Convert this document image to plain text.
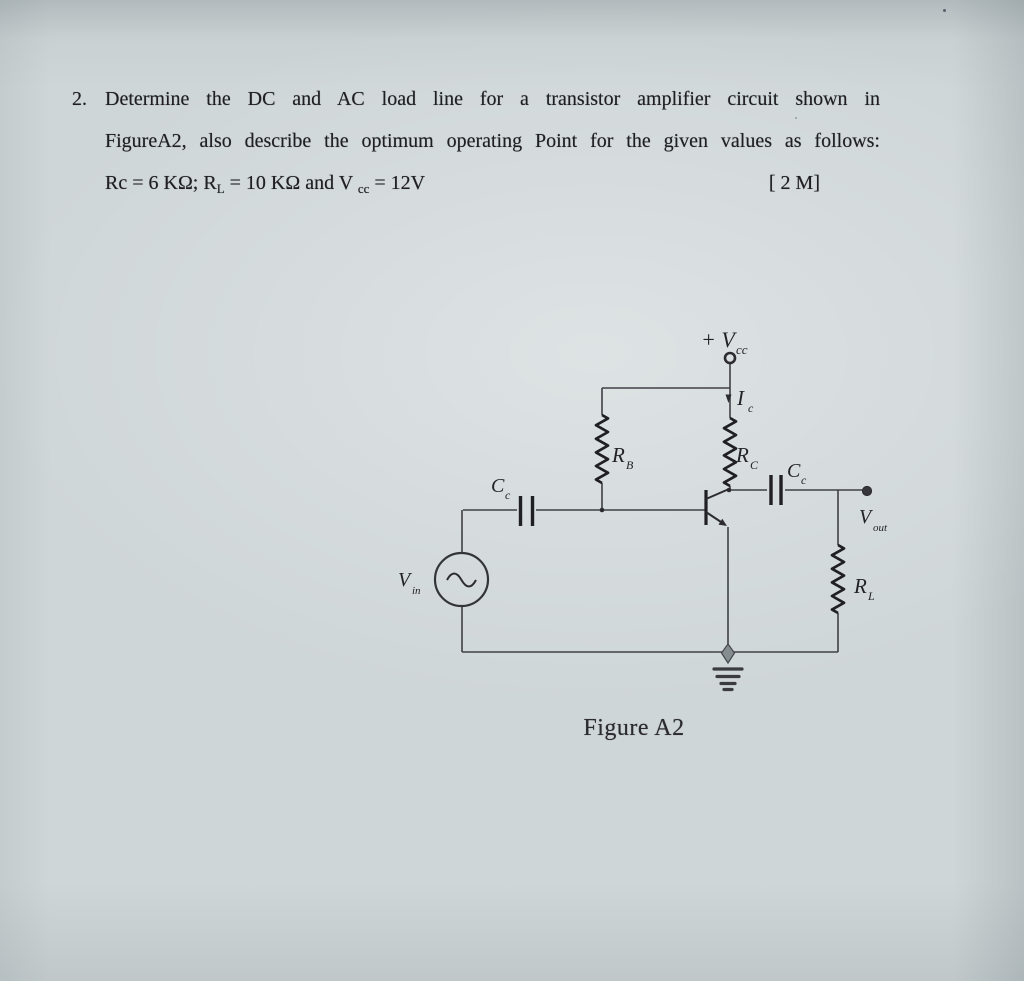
2. Determine the DC and AC load line for a transistor amplifier circuit shown in
FigureA2, also describe the optimum operating Point for the given values as follows:
Rc = 6 KΩ; $R_L = 10$ KΩ and V $_{cc}$ = 12V	[ 2 M]
+ V cc
I c
R B	R C
C c
C c
V in
V out
R L
Figure A2
